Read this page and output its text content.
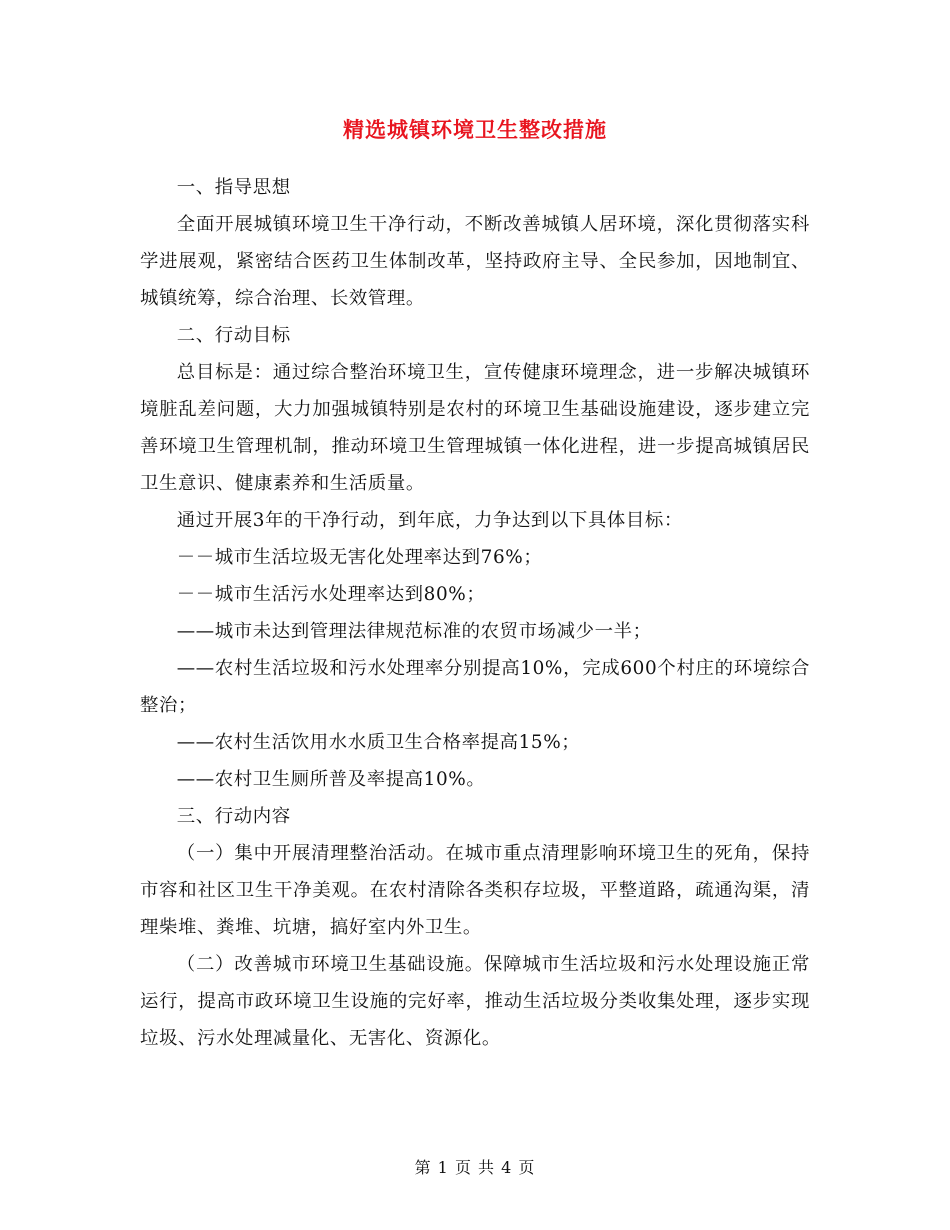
精选城镇环境卫生整改措施

一、指导思想

全面开展城镇环境卫生干净行动，不断改善城镇人居环境，深化贯彻落实科学进展观，紧密结合医药卫生体制改革，坚持政府主导、全民参加，因地制宜、城镇统筹，综合治理、长效管理。

二、行动目标

总目标是：通过综合整治环境卫生，宣传健康环境理念，进一步解决城镇环境脏乱差问题，大力加强城镇特别是农村的环境卫生基础设施建设，逐步建立完善环境卫生管理机制，推动环境卫生管理城镇一体化进程，进一步提高城镇居民卫生意识、健康素养和生活质量。

通过开展3年的干净行动，到年底，力争达到以下具体目标：

－－城市生活垃圾无害化处理率达到76%；

－－城市生活污水处理率达到80%；

——城市未达到管理法律规范标准的农贸市场减少一半；

——农村生活垃圾和污水处理率分别提高10%，完成600个村庄的环境综合整治；

——农村生活饮用水水质卫生合格率提高15%；

——农村卫生厕所普及率提高10%。

三、行动内容

（一）集中开展清理整治活动。在城市重点清理影响环境卫生的死角，保持市容和社区卫生干净美观。在农村清除各类积存垃圾，平整道路，疏通沟渠，清理柴堆、粪堆、坑塘，搞好室内外卫生。

（二）改善城市环境卫生基础设施。保障城市生活垃圾和污水处理设施正常运行，提高市政环境卫生设施的完好率，推动生活垃圾分类收集处理，逐步实现垃圾、污水处理减量化、无害化、资源化。

第 1 页 共 4 页
